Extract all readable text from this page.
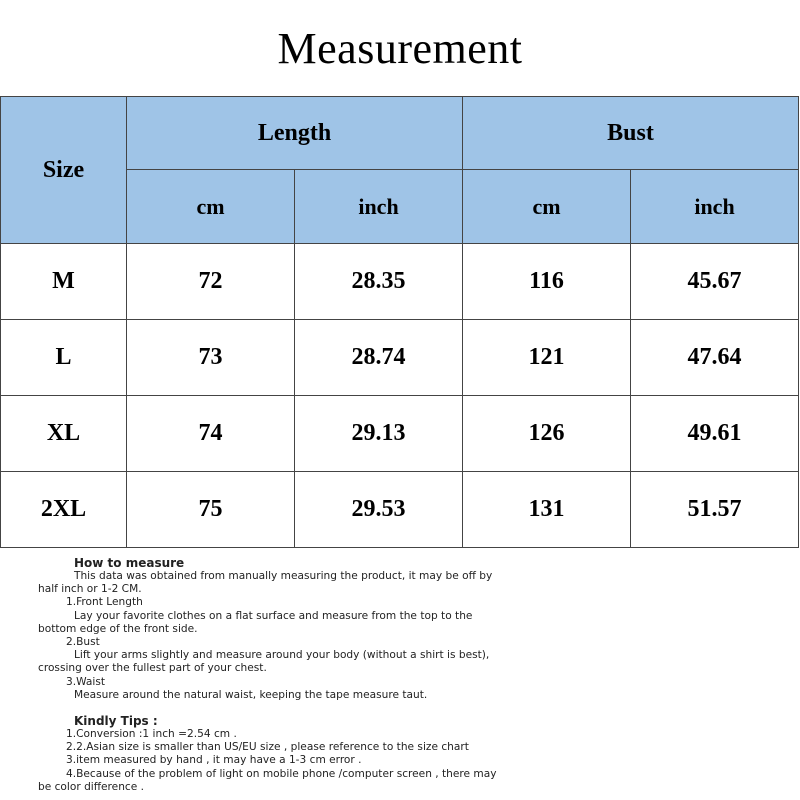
Measurement
Size	Length		Bust	
	cm	inch	cm	inch
M	72	28.35	116	45.67
L	73	28.74	121	47.64
XL	74	29.13	126	49.61
2XL	75	29.53	131	51.57
How to measure
This data was obtained from manually measuring the product, it may be off by
half inch or 1-2 CM.
1.Front Length
Lay your favorite clothes on a flat surface and measure from the top to the
bottom edge of the front side.
2.Bust
Lift your arms slightly and measure around your body (without a shirt is best),
crossing over the fullest part of your chest.
3.Waist
Measure around the natural waist, keeping the tape measure taut.
Kindly Tips :
1.Conversion :1 inch =2.54 cm .
2.2.Asian size is smaller than US/EU size , please reference to the size chart
3.item measured by hand , it may have a 1-3 cm error .
4.Because of the problem of light on mobile phone /computer screen , there may
be color difference .
